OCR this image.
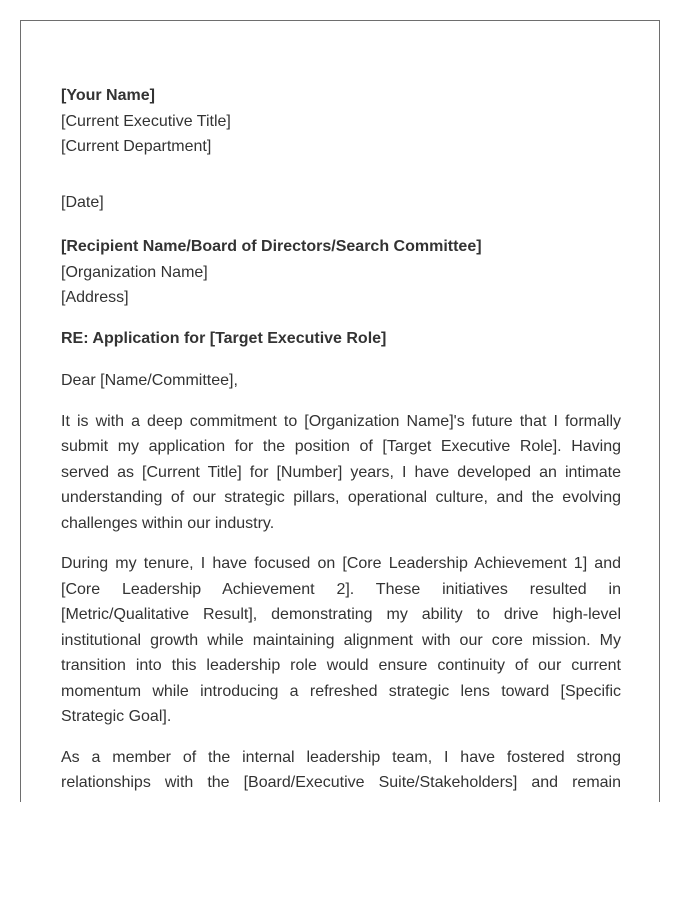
[Your Name]
[Current Executive Title]
[Current Department]
[Date]
[Recipient Name/Board of Directors/Search Committee]
[Organization Name]
[Address]
RE: Application for [Target Executive Role]
Dear [Name/Committee],
It is with a deep commitment to [Organization Name]'s future that I formally submit my application for the position of [Target Executive Role]. Having served as [Current Title] for [Number] years, I have developed an intimate understanding of our strategic pillars, operational culture, and the evolving challenges within our industry.
During my tenure, I have focused on [Core Leadership Achievement 1] and [Core Leadership Achievement 2]. These initiatives resulted in [Metric/Qualitative Result], demonstrating my ability to drive high-level institutional growth while maintaining alignment with our core mission. My transition into this leadership role would ensure continuity of our current momentum while introducing a refreshed strategic lens toward [Specific Strategic Goal].
As a member of the internal leadership team, I have fostered strong relationships with the [Board/Executive Suite/Stakeholders] and remain
